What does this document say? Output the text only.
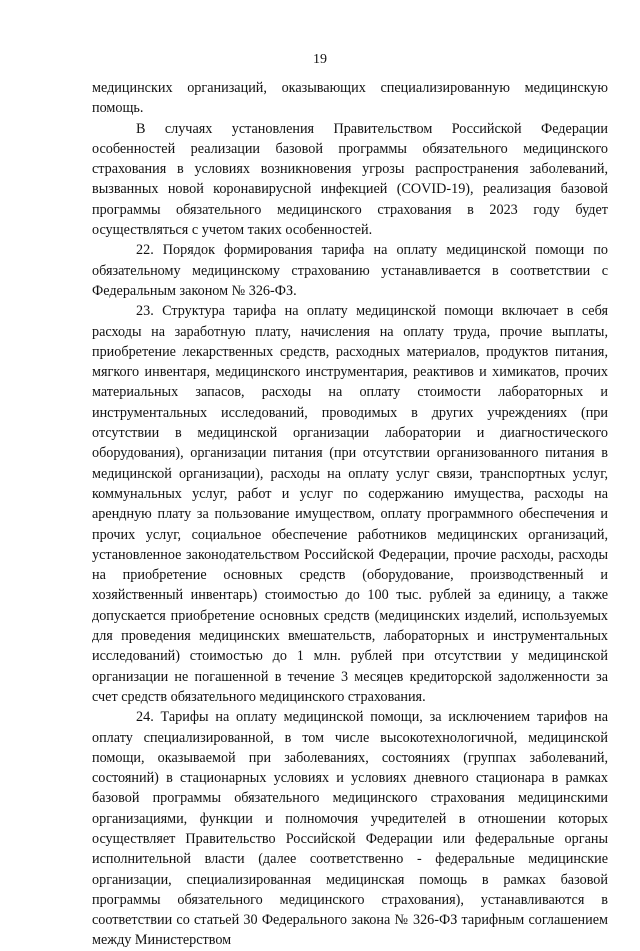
19

медицинских организаций, оказывающих специализированную медицинскую помощь.

В случаях установления Правительством Российской Федерации особенностей реализации базовой программы обязательного медицинского страхования в условиях возникновения угрозы распространения заболеваний, вызванных новой коронавирусной инфекцией (COVID-19), реализация базовой программы обязательного медицинского страхования в 2023 году будет осуществляться с учетом таких особенностей.

22. Порядок формирования тарифа на оплату медицинской помощи по обязательному медицинскому страхованию устанавливается в соответствии с Федеральным законом № 326-ФЗ.

23. Структура тарифа на оплату медицинской помощи включает в себя расходы на заработную плату, начисления на оплату труда, прочие выплаты, приобретение лекарственных средств, расходных материалов, продуктов питания, мягкого инвентаря, медицинского инструментария, реактивов и химикатов, прочих материальных запасов, расходы на оплату стоимости лабораторных и инструментальных исследований, проводимых в других учреждениях (при отсутствии в медицинской организации лаборатории и диагностического оборудования), организации питания (при отсутствии организованного питания в медицинской организации), расходы на оплату услуг связи, транспортных услуг, коммунальных услуг, работ и услуг по содержанию имущества, расходы на арендную плату за пользование имуществом, оплату программного обеспечения и прочих услуг, социальное обеспечение работников медицинских организаций, установленное законодательством Российской Федерации, прочие расходы, расходы на приобретение основных средств (оборудование, производственный и хозяйственный инвентарь) стоимостью до 100 тыс. рублей за единицу, а также допускается приобретение основных средств (медицинских изделий, используемых для проведения медицинских вмешательств, лабораторных и инструментальных исследований) стоимостью до 1 млн. рублей при отсутствии у медицинской организации не погашенной в течение 3 месяцев кредиторской задолженности за счет средств обязательного медицинского страхования.

24. Тарифы на оплату медицинской помощи, за исключением тарифов на оплату специализированной, в том числе высокотехнологичной, медицинской помощи, оказываемой при заболеваниях, состояниях (группах заболеваний, состояний) в стационарных условиях и условиях дневного стационара в рамках базовой программы обязательного медицинского страхования медицинскими организациями, функции и полномочия учредителей в отношении которых осуществляет Правительство Российской Федерации или федеральные органы исполнительной власти (далее соответственно - федеральные медицинские организации, специализированная медицинская помощь в рамках базовой программы обязательного медицинского страхования), устанавливаются в соответствии со статьей 30 Федерального закона № 326-ФЗ тарифным соглашением между Министерством
